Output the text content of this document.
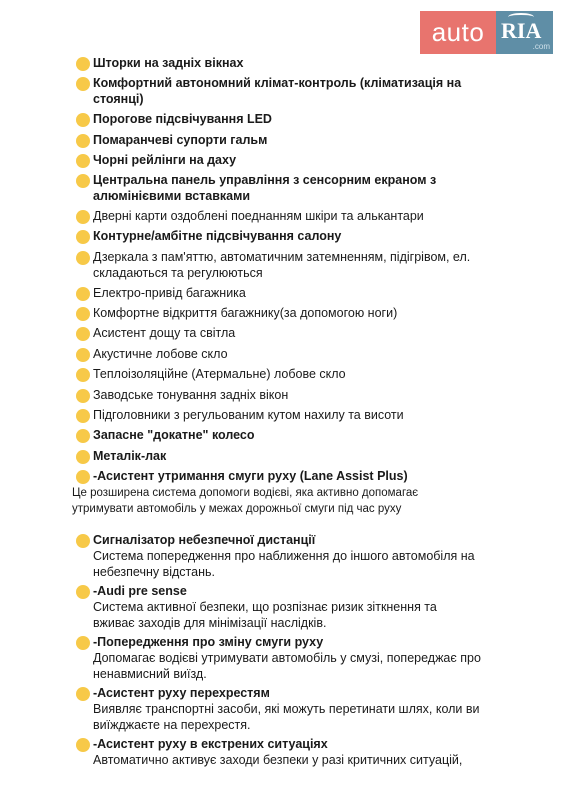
auto RIA
.com
Шторки на задніх вікнах
Комфортний автономний клімат-контроль (кліматизація на стоянці)
Порогове підсвічування LED
Помаранчеві супорти гальм
Чорні рейлінги на даху
Центральна панель управління з сенсорним екраном з алюмінієвими вставками
Дверні карти оздоблені поеднанням шкіри та алькантари
Контурне/амбітне підсвічування салону
Дзеркала з пам'яттю, автоматичним затемненням, підігрівом, ел. складаються та регулюються
Електро-привід багажника
Комфортне відкриття багажнику(за допомогою ноги)
Асистент дощу та світла
Акустичне лобове скло
Теплоізоляційне (Атермальне) лобове скло
Заводське тонування задніх вікон
Підголовники з регульованим кутом нахилу та висоти
Запасне "докатне" колесо
Металік-лак
-Асистент утримання смуги руху (Lane Assist Plus)
Це розширена система допомоги водієві, яка активно допомагає утримувати автомобіль у межах дорожньої смуги під час руху
Сигналізатор небезпечної дистанції
Система попередження про наближення до іншого автомобіля на небезпечну відстань.
-Audi pre sense
Система активної безпеки, що розпізнає ризик зіткнення та вживає заходів для мінімізації наслідків.
-Попередження про зміну смуги руху
Допомагає водієві утримувати автомобіль у смузі, попереджає про ненавмисний виїзд.
-Асистент руху перехрестям
Виявляє транспортні засоби, які можуть перетинати шлях, коли ви виїжджаєте на перехрестя.
-Асистент руху в екстрених ситуаціях
Автоматично активує заходи безпеки у разі критичних ситуацій,
